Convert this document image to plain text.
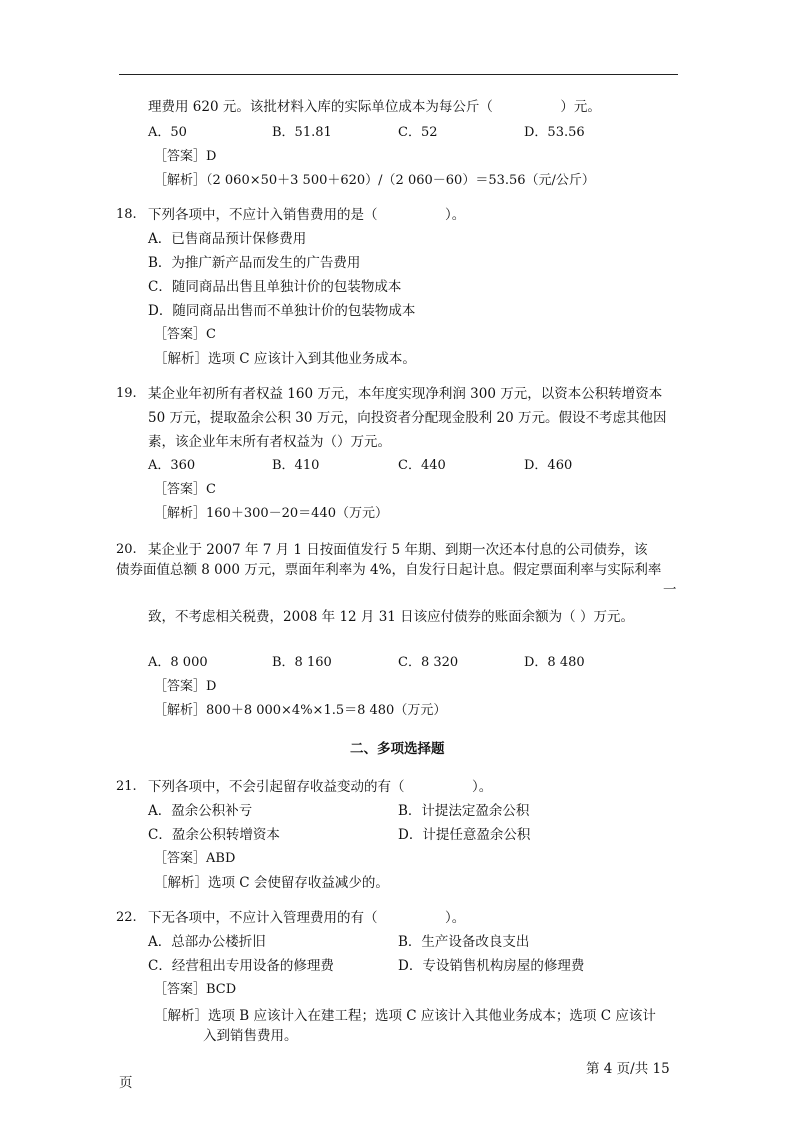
理费用 620 元。该批材料入库的实际单位成本为每公斤（　　　　　）元。
A．50	B．51.81	C．52	D．53.56
［答案］D
［解析］（2 060×50＋3 500＋620）/（2 060－60）＝53.56（元/公斤）
18. 下列各项中，不应计入销售费用的是（　　　　　）。
A．已售商品预计保修费用
B．为推广新产品而发生的广告费用
C．随同商品出售且单独计价的包装物成本
D．随同商品出售而不单独计价的包装物成本
［答案］C
［解析］选项 C 应该计入到其他业务成本。
19. 某企业年初所有者权益 160 万元，本年度实现净利润 300 万元，以资本公积转增资本
50 万元，提取盈余公积 30 万元，向投资者分配现金股利 20 万元。假设不考虑其他因
素，该企业年末所有者权益为（）万元。
A．360	B．410	C．440	D．460
［答案］C
［解析］160＋300－20＝440（万元）
20. 某企业于 2007 年 7 月 1 日按面值发行 5 年期、到期一次还本付息的公司债券，该
债券面值总额 8 000 万元，票面年利率为 4%，自发行日起计息。假定票面利率与实际利率
一
致，不考虑相关税费，2008 年 12 月 31 日该应付债券的账面余额为（ ）万元。
A．8 000	B．8 160	C．8 320	D．8 480
［答案］D
［解析］800＋8 000×4%×1.5＝8 480（万元）
二、多项选择题
21. 下列各项中，不会引起留存收益变动的有（　　　　　）。
A．盈余公积补亏	B．计提法定盈余公积
C．盈余公积转增资本	D．计提任意盈余公积
［答案］ABD
［解析］选项 C 会使留存收益减少的。
22. 下无各项中，不应计入管理费用的有（　　　　　）。
A．总部办公楼折旧	B．生产设备改良支出
C．经营租出专用设备的修理费	D．专设销售机构房屋的修理费
［答案］BCD
［解析］选项 B 应该计入在建工程；选项 C 应该计入其他业务成本；选项 C 应该计
入到销售费用。
第 4 页/共 15
页
